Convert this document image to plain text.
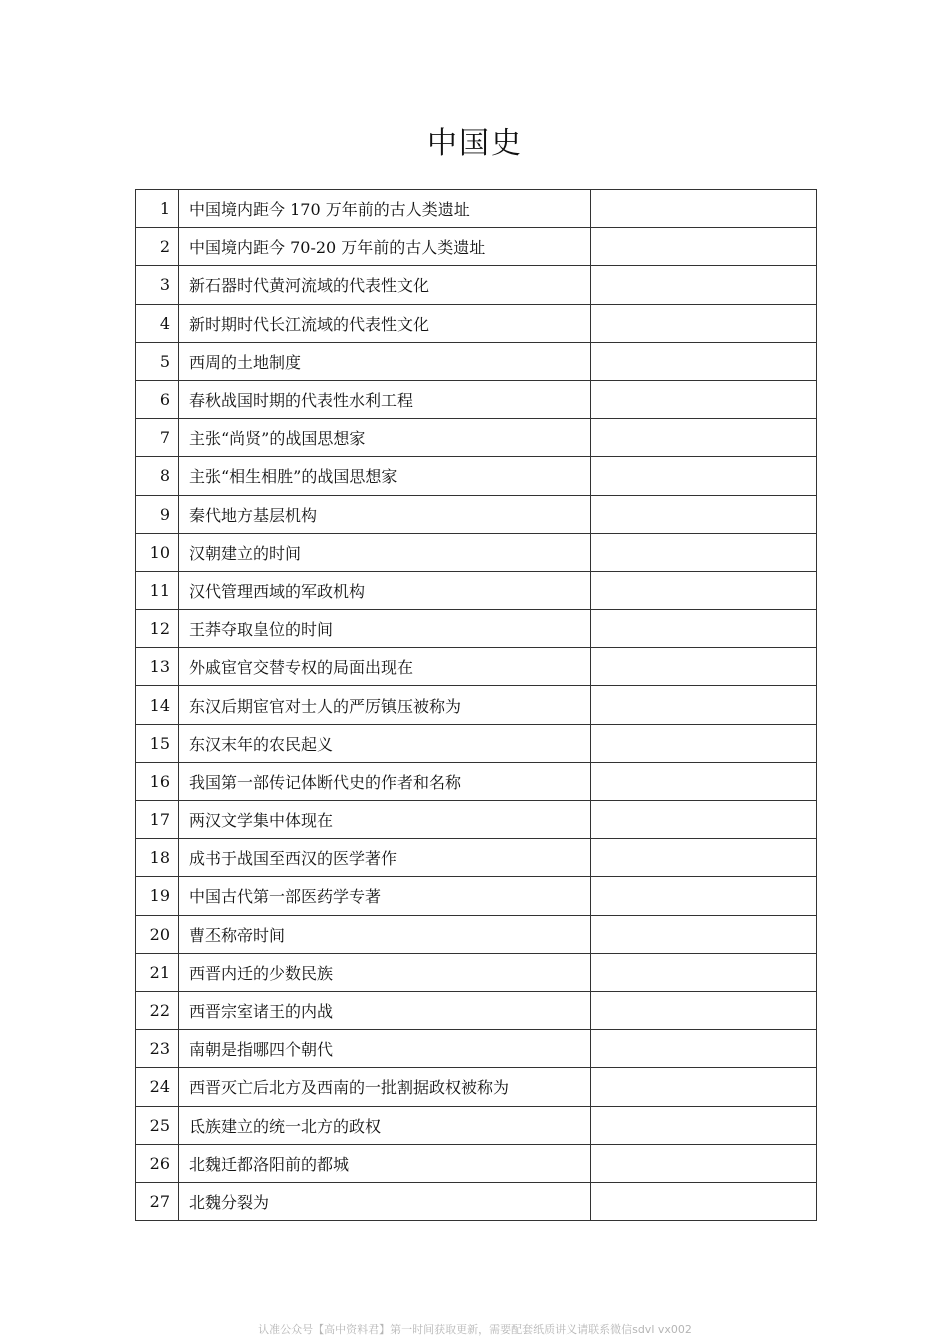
中国史
1	中国境内距今 170 万年前的古人类遗址	
2	中国境内距今 70-20 万年前的古人类遗址	
3	新石器时代黄河流域的代表性文化	
4	新时期时代长江流域的代表性文化	
5	西周的土地制度	
6	春秋战国时期的代表性水利工程	
7	主张“尚贤”的战国思想家	
8	主张“相生相胜”的战国思想家	
9	秦代地方基层机构	
10	汉朝建立的时间	
11	汉代管理西域的军政机构	
12	王莽夺取皇位的时间	
13	外戚宦官交替专权的局面出现在	
14	东汉后期宦官对士人的严厉镇压被称为	
15	东汉末年的农民起义	
16	我国第一部传记体断代史的作者和名称	
17	两汉文学集中体现在	
18	成书于战国至西汉的医学著作	
19	中国古代第一部医药学专著	
20	曹丕称帝时间	
21	西晋内迁的少数民族	
22	西晋宗室诸王的内战	
23	南朝是指哪四个朝代	
24	西晋灭亡后北方及西南的一批割据政权被称为	
25	氐族建立的统一北方的政权	
26	北魏迁都洛阳前的都城	
27	北魏分裂为	
认准公众号【高中资料君】第一时间获取更新，需要配套纸质讲义请联系微信sdvl vx002
